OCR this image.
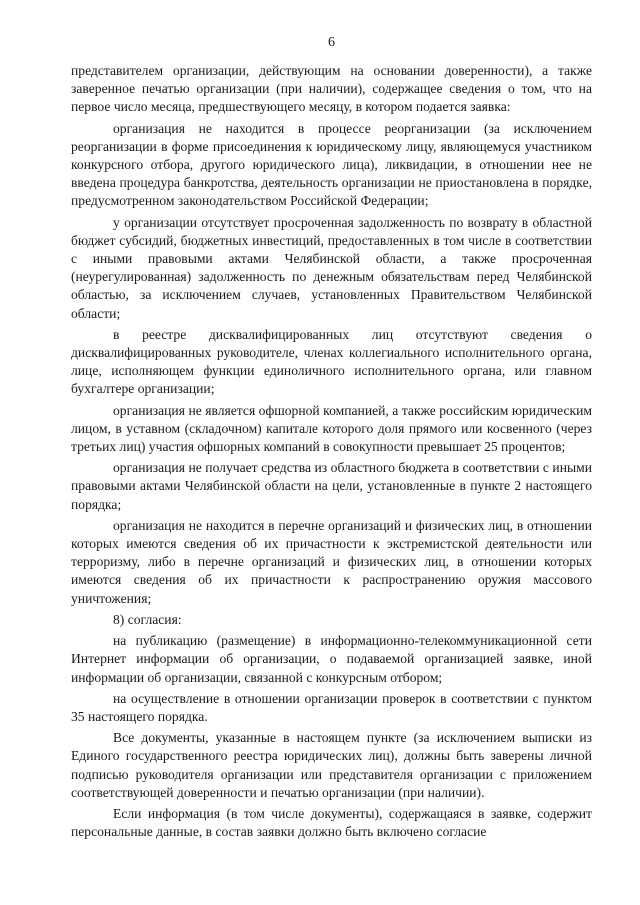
6

представителем организации, действующим на основании доверенности), а также заверенное печатью организации (при наличии), содержащее сведения о том, что на первое число месяца, предшествующего месяцу, в котором подается заявка:

организация не находится в процессе реорганизации (за исключением реорганизации в форме присоединения к юридическому лицу, являющемуся участником конкурсного отбора, другого юридического лица), ликвидации, в отношении нее не введена процедура банкротства, деятельность организации не приостановлена в порядке, предусмотренном законодательством Российской Федерации;

у организации отсутствует просроченная задолженность по возврату в областной бюджет субсидий, бюджетных инвестиций, предоставленных в том числе в соответствии с иными правовыми актами Челябинской области, а также просроченная (неурегулированная) задолженность по денежным обязательствам перед Челябинской областью, за исключением случаев, установленных Правительством Челябинской области;

в реестре дисквалифицированных лиц отсутствуют сведения о дисквалифицированных руководителе, членах коллегиального исполнительного органа, лице, исполняющем функции единоличного исполнительного органа, или главном бухгалтере организации;

организация не является офшорной компанией, а также российским юридическим лицом, в уставном (складочном) капитале которого доля прямого или косвенного (через третьих лиц) участия офшорных компаний в совокупности превышает 25 процентов;

организация не получает средства из областного бюджета в соответствии с иными правовыми актами Челябинской области на цели, установленные в пункте 2 настоящего порядка;

организация не находится в перечне организаций и физических лиц, в отношении которых имеются сведения об их причастности к экстремистской деятельности или терроризму, либо в перечне организаций и физических лиц, в отношении которых имеются сведения об их причастности к распространению оружия массового уничтожения;

8) согласия:

на публикацию (размещение) в информационно-телекоммуникационной сети Интернет информации об организации, о подаваемой организацией заявке, иной информации об организации, связанной с конкурсным отбором;

на осуществление в отношении организации проверок в соответствии с пунктом 35 настоящего порядка.

Все документы, указанные в настоящем пункте (за исключением выписки из Единого государственного реестра юридических лиц), должны быть заверены личной подписью руководителя организации или представителя организации с приложением соответствующей доверенности и печатью организации (при наличии).

Если информация (в том числе документы), содержащаяся в заявке, содержит персональные данные, в состав заявки должно быть включено согласие
